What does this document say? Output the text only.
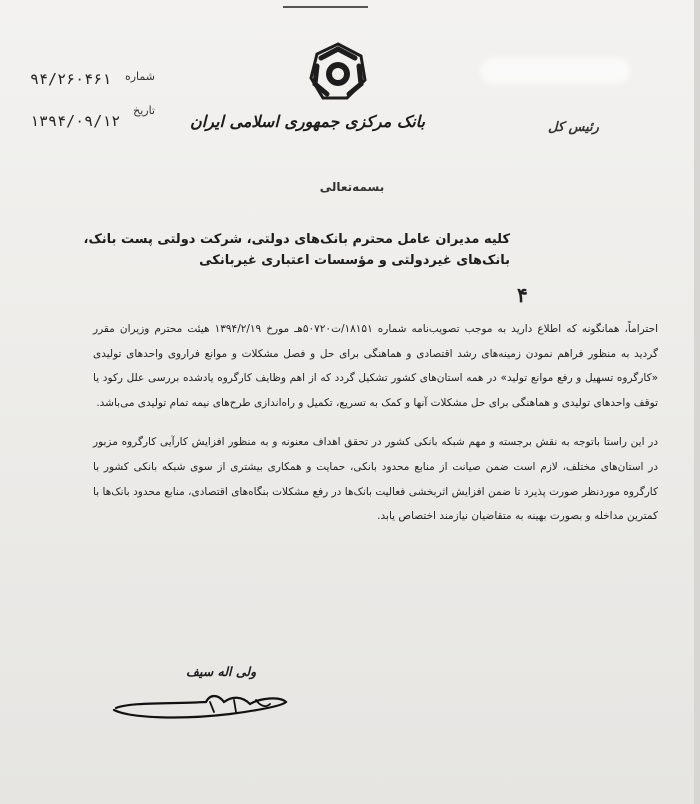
بانک مرکزی جمهوری اسلامی ایران
شماره
۹۴/۲۶۰۴۶۱
تاریخ
۱۳۹۴/۰۹/۱۲	رئیس کل
بسمه‌تعالی
کلیه مدیران عامل محترم بانک‌های دولتی، شرکت دولتی پست بانک،
بانک‌های غیردولتی و مؤسسات اعتباری غیربانکی
۴

احتراماً، همانگونه که اطلاع دارید به موجب تصویب‌نامه شماره ۱۸۱۵۱/ت۵۰۷۲۰هـ مورخ ۱۳۹۴/۲/۱۹ هیئت محترم وزیران مقرر گردید به منظور فراهم نمودن زمینه‌های رشد اقتصادی و هماهنگی برای حل و فصل مشکلات و موانع فراروی واحدهای تولیدی «کارگروه تسهیل و رفع موانع تولید» در همه استان‌های کشور تشکیل گردد که از اهم وظایف کارگروه یادشده بررسی علل رکود یا توقف واحدهای تولیدی و هماهنگی برای حل مشکلات آنها و کمک به تسریع، تکمیل و راه‌اندازی طرح‌های نیمه تمام تولیدی می‌باشد.

در این راستا باتوجه به نقش برجسته و مهم شبکه بانکی کشور در تحقق اهداف معنونه و به منظور افزایش کارآیی کارگروه مزبور در استان‌های مختلف، لازم است ضمن صیانت از منابع محدود بانکی، حمایت و همکاری بیشتری از سوی شبکه بانکی کشور با کارگروه موردنظر صورت پذیرد تا ضمن افزایش اثربخشی فعالیت بانک‌ها در رفع مشکلات بنگاه‌های اقتصادی، منابع محدود بانک‌ها با کمترین مداخله و بصورت بهینه به متقاضیان نیازمند اختصاص یابد.

ولی اله سیف
